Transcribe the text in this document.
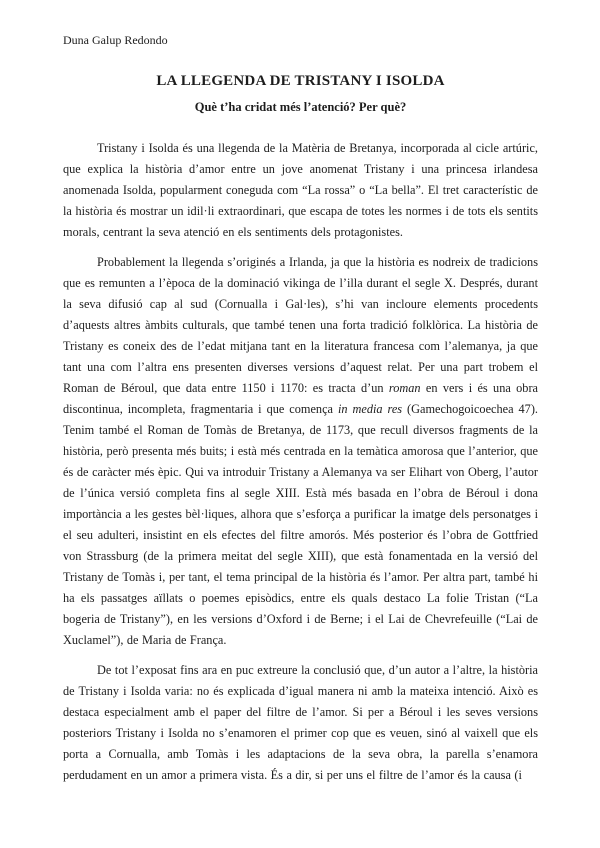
Duna Galup Redondo
LA LLEGENDA DE TRISTANY I ISOLDA
Què t’ha cridat més l’atenció? Per què?

Tristany i Isolda és una llegenda de la Matèria de Bretanya, incorporada al cicle artúric, que explica la història d’amor entre un jove anomenat Tristany i una princesa irlandesa anomenada Isolda, popularment coneguda com “La rossa” o “La bella”. El tret característic de la història és mostrar un idil·li extraordinari, que escapa de totes les normes i de tots els sentits morals, centrant la seva atenció en els sentiments dels protagonistes.

Probablement la llegenda s’originés a Irlanda, ja que la història es nodreix de tradicions que es remunten a l’època de la dominació vikinga de l’illa durant el segle X. Després, durant la seva difusió cap al sud (Cornualla i Gal·les), s’hi van incloure elements procedents d’aquests altres àmbits culturals, que també tenen una forta tradició folklòrica. La història de Tristany es coneix des de l’edat mitjana tant en la literatura francesa com l’alemanya, ja que tant una com l’altra ens presenten diverses versions d’aquest relat. Per una part trobem el Roman de Béroul, que data entre 1150 i 1170: es tracta d’un roman en vers i és una obra discontinua, incompleta, fragmentaria i que comença in media res (Gamechogoicoechea 47). Tenim també el Roman de Tomàs de Bretanya, de 1173, que recull diversos fragments de la història, però presenta més buits; i està més centrada en la temàtica amorosa que l’anterior, que és de caràcter més èpic. Qui va introduir Tristany a Alemanya va ser Elihart von Oberg, l’autor de l’única versió completa fins al segle XIII. Està més basada en l’obra de Béroul i dona importància a les gestes bèl·liques, alhora que s’esforça a purificar la imatge dels personatges i el seu adulteri, insistint en els efectes del filtre amorós. Més posterior és l’obra de Gottfried von Strassburg (de la primera meitat del segle XIII), que està fonamentada en la versió del Tristany de Tomàs i, per tant, el tema principal de la història és l’amor. Per altra part, també hi ha els passatges aïllats o poemes episòdics, entre els quals destaco La folie Tristan (“La bogeria de Tristany”), en les versions d’Oxford i de Berne; i el Lai de Chevrefeuille (“Lai de Xuclamel”), de Maria de França.

De tot l’exposat fins ara en puc extreure la conclusió que, d’un autor a l’altre, la història de Tristany i Isolda varia: no és explicada d’igual manera ni amb la mateixa intenció. Això es destaca especialment amb el paper del filtre de l’amor. Si per a Béroul i les seves versions posteriors Tristany i Isolda no s’enamoren el primer cop que es veuen, sinó al vaixell que els porta a Cornualla, amb Tomàs i les adaptacions de la seva obra, la parella s’enamora perdudament en un amor a primera vista. És a dir, si per uns el filtre de l’amor és la causa (i
